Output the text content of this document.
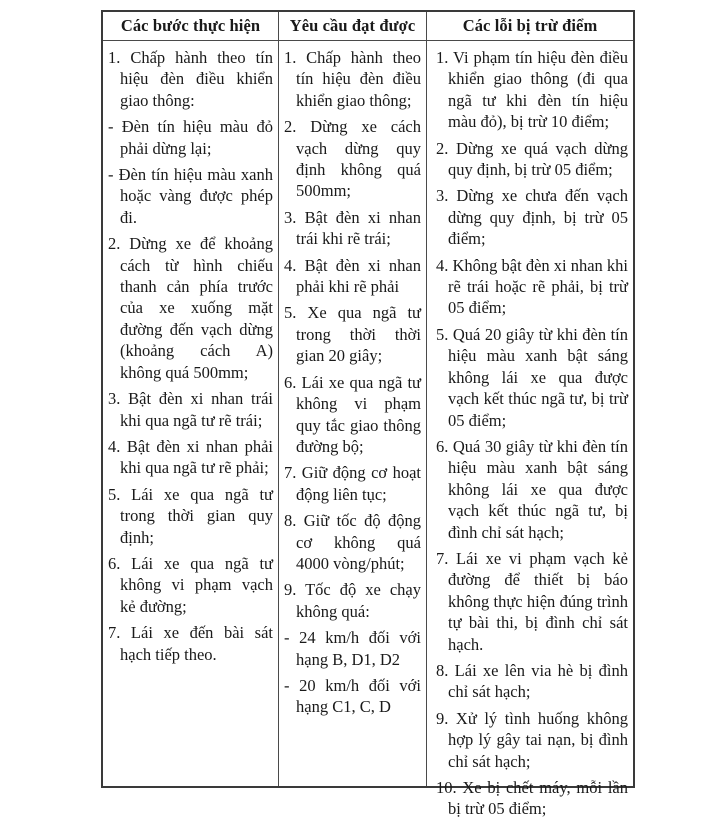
Các bước thực hiện	Yêu cầu đạt được	Các lỗi bị trừ điểm

1. Chấp hành theo tín hiệu đèn điều khiển giao thông:

- Đèn tín hiệu màu đỏ phải dừng lại;

- Đèn tín hiệu màu xanh hoặc vàng được phép đi.

2. Dừng xe để khoảng cách từ hình chiếu thanh cản phía trước của xe xuống mặt đường đến vạch dừng (khoảng cách A) không quá 500mm;

3. Bật đèn xi nhan trái khi qua ngã tư rẽ trái;

4. Bật đèn xi nhan phải khi qua ngã tư rẽ phải;

5. Lái xe qua ngã tư trong thời gian quy định;

6. Lái xe qua ngã tư không vi phạm vạch kẻ đường;

7. Lái xe đến bài sát hạch tiếp theo.

1. Chấp hành theo tín hiệu đèn điều khiển giao thông;

2. Dừng xe cách vạch dừng quy định không quá 500mm;

3. Bật đèn xi nhan trái khi rẽ trái;

4. Bật đèn xi nhan phải khi rẽ phải

5. Xe qua ngã tư trong thời thời gian 20 giây;

6. Lái xe qua ngã tư không vi phạm quy tắc giao thông đường bộ;

7. Giữ động cơ hoạt động liên tục;

8. Giữ tốc độ động cơ không quá 4000 vòng/phút;

9. Tốc độ xe chạy không quá:

- 24 km/h đối với hạng B, D1, D2

- 20 km/h đối với hạng C1, C, D

1. Vi phạm tín hiệu đèn điều khiển giao thông (đi qua ngã tư khi đèn tín hiệu màu đỏ), bị trừ 10 điểm;

2. Dừng xe quá vạch dừng quy định, bị trừ 05 điểm;

3. Dừng xe chưa đến vạch dừng quy định, bị trừ 05 điểm;

4. Không bật đèn xi nhan khi rẽ trái hoặc rẽ phải, bị trừ 05 điểm;

5. Quá 20 giây từ khi đèn tín hiệu màu xanh bật sáng không lái xe qua được vạch kết thúc ngã tư, bị trừ 05 điểm;

6. Quá 30 giây từ khi đèn tín hiệu màu xanh bật sáng không lái xe qua được vạch kết thúc ngã tư, bị đình chỉ sát hạch;

7. Lái xe vi phạm vạch kẻ đường để thiết bị báo không thực hiện đúng trình tự bài thi, bị đình chỉ sát hạch.

8. Lái xe lên via hè bị đình chỉ sát hạch;

9. Xử lý tình huống không hợp lý gây tai nạn, bị đình chỉ sát hạch;

10. Xe bị chết máy, mỗi lần bị trừ 05 điểm;
